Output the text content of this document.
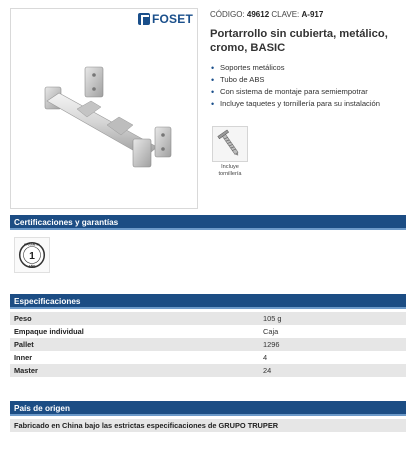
FOSET CÓDIGO: 49612 CLAVE: A-917
Portarrollo sin cubierta, metálico, cromo, BASIC
• Soportes metálicos
• Tubo de ABS
• Con sistema de montaje para semiempotrar
• Incluye taquetes y tornillería para su instalación
Incluye
tornillería
Certificaciones y garantías
1
GARANTÍA
AÑO
Especificaciones
Peso	105 g
Empaque individual	Caja
Pallet	1296
Inner	4
Master	24
País de origen
Fabricado en China bajo las estrictas especificaciones de GRUPO TRUPER
